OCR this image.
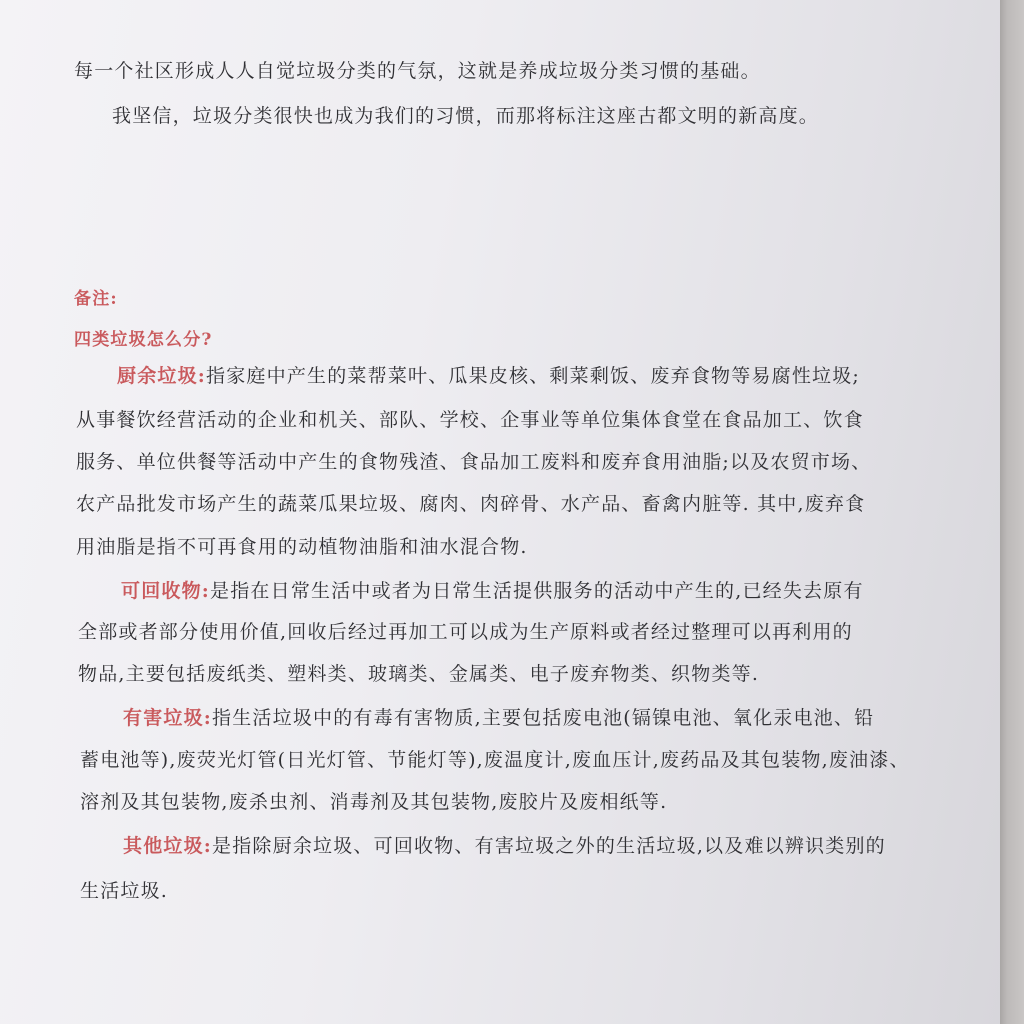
每一个社区形成人人自觉垃圾分类的气氛，这就是养成垃圾分类习惯的基础。
我坚信，垃圾分类很快也成为我们的习惯，而那将标注这座古都文明的新高度。
备注:
四类垃圾怎么分?
厨余垃圾:指家庭中产生的菜帮菜叶、瓜果皮核、剩菜剩饭、废弃食物等易腐性垃圾;
从事餐饮经营活动的企业和机关、部队、学校、企事业等单位集体食堂在食品加工、饮食
服务、单位供餐等活动中产生的食物残渣、食品加工废料和废弃食用油脂;以及农贸市场、
农产品批发市场产生的蔬菜瓜果垃圾、腐肉、肉碎骨、水产品、畜禽内脏等. 其中,废弃食
用油脂是指不可再食用的动植物油脂和油水混合物.
可回收物:是指在日常生活中或者为日常生活提供服务的活动中产生的,已经失去原有
全部或者部分使用价值,回收后经过再加工可以成为生产原料或者经过整理可以再利用的
物品,主要包括废纸类、塑料类、玻璃类、金属类、电子废弃物类、织物类等.
有害垃圾:指生活垃圾中的有毒有害物质,主要包括废电池(镉镍电池、氧化汞电池、铅
蓄电池等),废荧光灯管(日光灯管、节能灯等),废温度计,废血压计,废药品及其包装物,废油漆、
溶剂及其包装物,废杀虫剂、消毒剂及其包装物,废胶片及废相纸等.
其他垃圾:是指除厨余垃圾、可回收物、有害垃圾之外的生活垃圾,以及难以辨识类别的
生活垃圾.
